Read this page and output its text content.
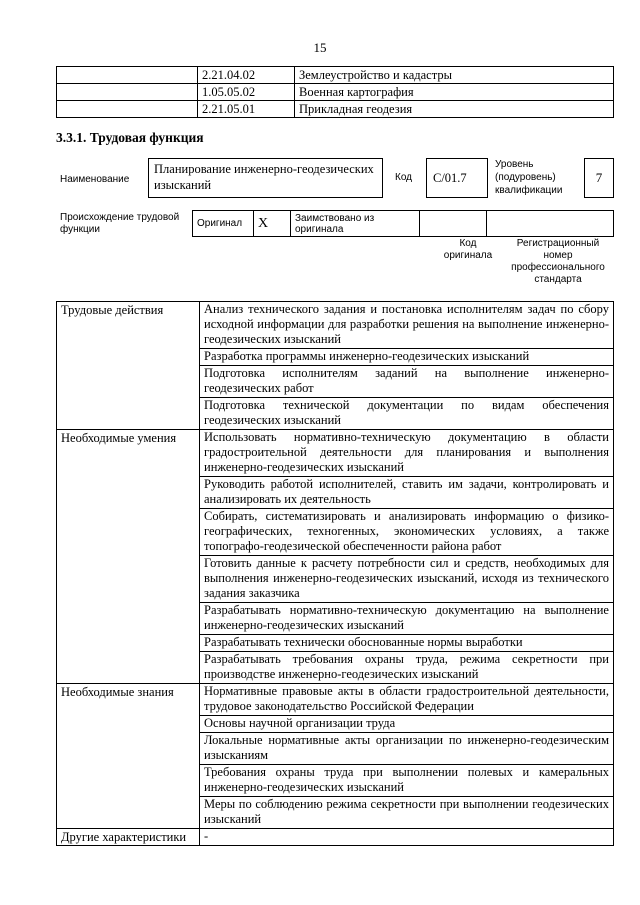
15
	2.21.04.02	Землеустройство и кадастры
	1.05.05.02	Военная картография
	2.21.05.01	Прикладная геодезия
3.3.1. Трудовая функция
Наименование
Планирование инженерно-геодезических изысканий
Код	C/01.7
Уровень (подуровень) квалификации
7
Происхождение трудовой функции
Оригинал	X	Заимствовано из оригинала		
Код оригинала
Регистрационный номер профессионального стандарта
Трудовые действия	Анализ технического задания и постановка исполнителям задач по сбору исходной информации для разработки решения на выполнение инженерно-геодезических изысканий
	Разработка программы инженерно-геодезических изысканий
	Подготовка исполнителям заданий на выполнение инженерно-геодезических работ
	Подготовка технической документации по видам обеспечения геодезических изысканий
Необходимые умения	Использовать нормативно-техническую документацию в области градостроительной деятельности для планирования и выполнения инженерно-геодезических изысканий
	Руководить работой исполнителей, ставить им задачи, контролировать и анализировать их деятельность
	Собирать, систематизировать и анализировать информацию о физико-географических, техногенных, экономических условиях, а также топографо-геодезической обеспеченности района работ
	Готовить данные к расчету потребности сил и средств, необходимых для выполнения инженерно-геодезических изысканий, исходя из технического задания заказчика
	Разрабатывать нормативно-техническую документацию на выполнение инженерно-геодезических изысканий
	Разрабатывать технически обоснованные нормы выработки
	Разрабатывать требования охраны труда, режима секретности при производстве инженерно-геодезических изысканий
Необходимые знания	Нормативные правовые акты в области градостроительной деятельности, трудовое законодательство Российской Федерации
	Основы научной организации труда
	Локальные нормативные акты организации по инженерно-геодезическим изысканиям
	Требования охраны труда при выполнении полевых и камеральных инженерно-геодезических изысканий
	Меры по соблюдению режима секретности при выполнении геодезических изысканий
Другие характеристики	-
